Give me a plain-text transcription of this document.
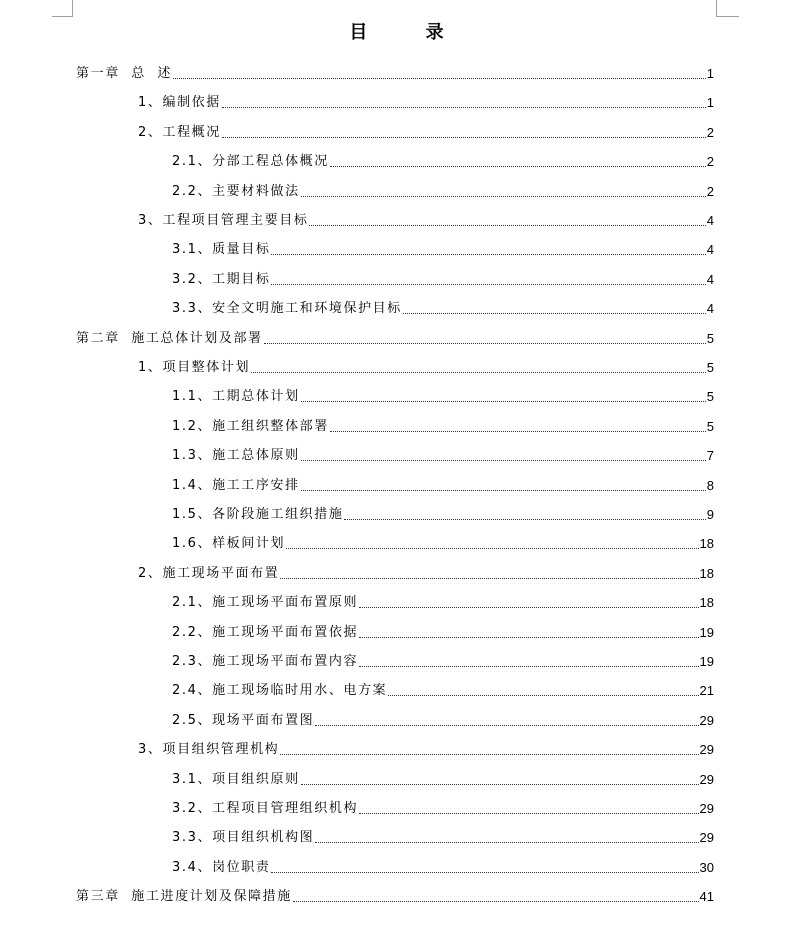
目 录
第一章  总  述	1
1、编制依据	1
2、工程概况	2
2.1、分部工程总体概况	2
2.2、主要材料做法	2
3、工程项目管理主要目标	4
3.1、质量目标	4
3.2、工期目标	4
3.3、安全文明施工和环境保护目标	4
第二章  施工总体计划及部署	5
1、项目整体计划	5
1.1、工期总体计划	5
1.2、施工组织整体部署	5
1.3、施工总体原则	7
1.4、施工工序安排	8
1.5、各阶段施工组织措施	9
1.6、样板间计划	18
2、施工现场平面布置	18
2.1、施工现场平面布置原则	18
2.2、施工现场平面布置依据	19
2.3、施工现场平面布置内容	19
2.4、施工现场临时用水、电方案	21
2.5、现场平面布置图	29
3、项目组织管理机构	29
3.1、项目组织原则	29
3.2、工程项目管理组织机构	29
3.3、项目组织机构图	29
3.4、岗位职责	30
第三章  施工进度计划及保障措施	41
